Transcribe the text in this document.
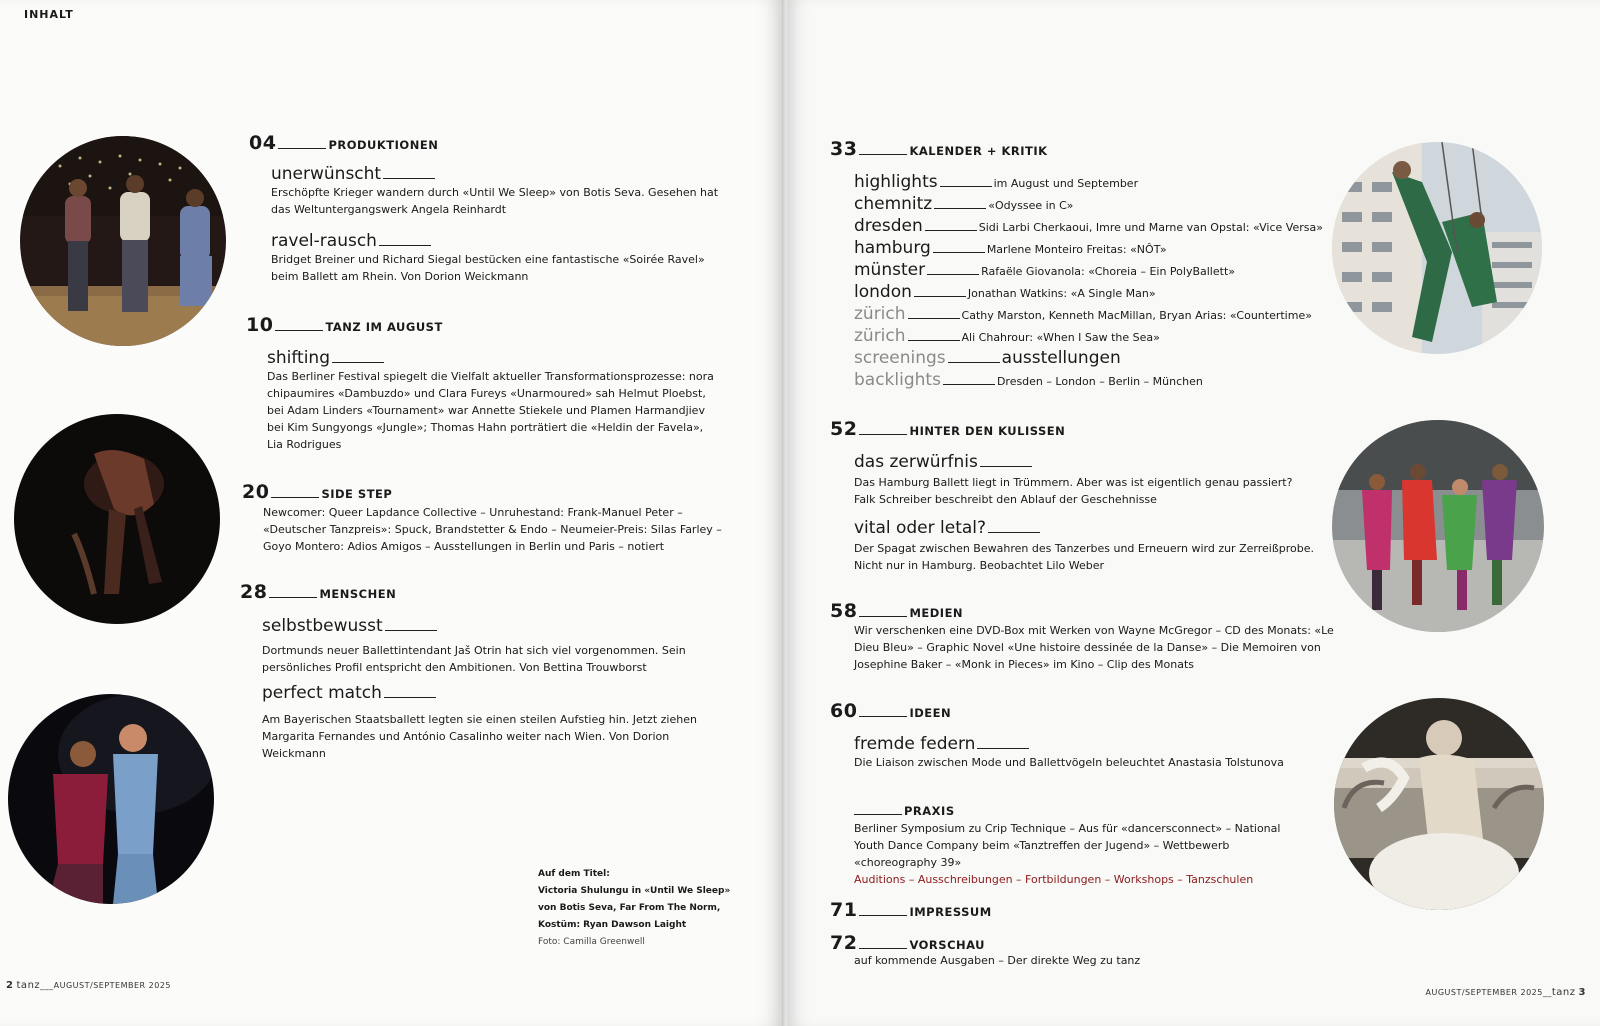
INHALT
04	PRODUKTIONEN
unerwünscht
Erschöpfte Krieger wandern durch «Until We Sleep» von Botis Seva. Gesehen hat das Weltuntergangswerk Angela Reinhardt
ravel-rausch
Bridget Breiner und Richard Siegal bestücken eine fantastische «Soirée Ravel» beim Ballett am Rhein. Von Dorion Weickmann
10	TANZ IM AUGUST
shifting
Das Berliner Festival spiegelt die Vielfalt aktueller Transformationsprozesse: nora chipaumires «Dambuzdo» und Clara Fureys «Unarmoured» sah Helmut Ploebst, bei Adam Linders «Tournament» war Annette Stiekele und Plamen Harmandjiev bei Kim Sungyongs «Jungle»; Thomas Hahn porträtiert die «Heldin der Favela», Lia Rodrigues
20	SIDE STEP
Newcomer: Queer Lapdance Collective – Unruhestand: Frank-Manuel Peter – «Deutscher Tanzpreis»: Spuck, Brandstetter & Endo – Neumeier-Preis: Silas Farley – Goyo Montero: Adios Amigos – Ausstellungen in Berlin und Paris – notiert
28	MENSCHEN
selbstbewusst
Dortmunds neuer Ballettintendant Jaš Otrin hat sich viel vorgenommen. Sein persönliches Profil entspricht den Ambitionen. Von Bettina Trouwborst
perfect match
Am Bayerischen Staatsballett legten sie einen steilen Aufstieg hin. Jetzt ziehen Margarita Fernandes und António Casalinho weiter nach Wien. Von Dorion Weickmann
Auf dem Titel:
Victoria Shulungu in «Until We Sleep»
von Botis Seva, Far From The Norm,
Kostüm: Ryan Dawson Laight
Foto: Camilla Greenwell
2 tanz___AUGUST/SEPTEMBER 2025
33	KALENDER + KRITIK
highlights	im August und September
chemnitz	«Odyssee in C»
dresden	Sidi Larbi Cherkaoui, Imre und Marne van Opstal: «Vice Versa»
hamburg	Marlene Monteiro Freitas: «NÔT»
münster	Rafaële Giovanola: «Choreia – Ein PolyBallett»
london	Jonathan Watkins: «A Single Man»
zürich	Cathy Marston, Kenneth MacMillan, Bryan Arias: «Countertime»
zürich	Ali Chahrour: «When I Saw the Sea»
screenings	ausstellungen
backlights	Dresden – London – Berlin – München
52	HINTER DEN KULISSEN
das zerwürfnis
Das Hamburg Ballett liegt in Trümmern. Aber was ist eigentlich genau passiert? Falk Schreiber beschreibt den Ablauf der Geschehnisse
vital oder letal?
Der Spagat zwischen Bewahren des Tanzerbes und Erneuern wird zur Zerreißprobe. Nicht nur in Hamburg. Beobachtet Lilo Weber
58	MEDIEN
Wir verschenken eine DVD-Box mit Werken von Wayne McGregor – CD des Monats: «Le Dieu Bleu» – Graphic Novel «Une histoire dessinée de la Danse» – Die Memoiren von Josephine Baker – «Monk in Pieces» im Kino – Clip des Monats
60	IDEEN
fremde federn
Die Liaison zwischen Mode und Ballettvögeln beleuchtet Anastasia Tolstunova
PRAXIS
Berliner Symposium zu Crip Technique – Aus für «dancersconnect» – National Youth Dance Company beim «Tanztreffen der Jugend» – Wettbewerb «choreography 39»
Auditions – Ausschreibungen – Fortbildungen – Workshops – Tanzschulen
71	IMPRESSUM
72	VORSCHAU
auf kommende Ausgaben – Der direkte Weg zu tanz
AUGUST/SEPTEMBER 2025__tanz 3
